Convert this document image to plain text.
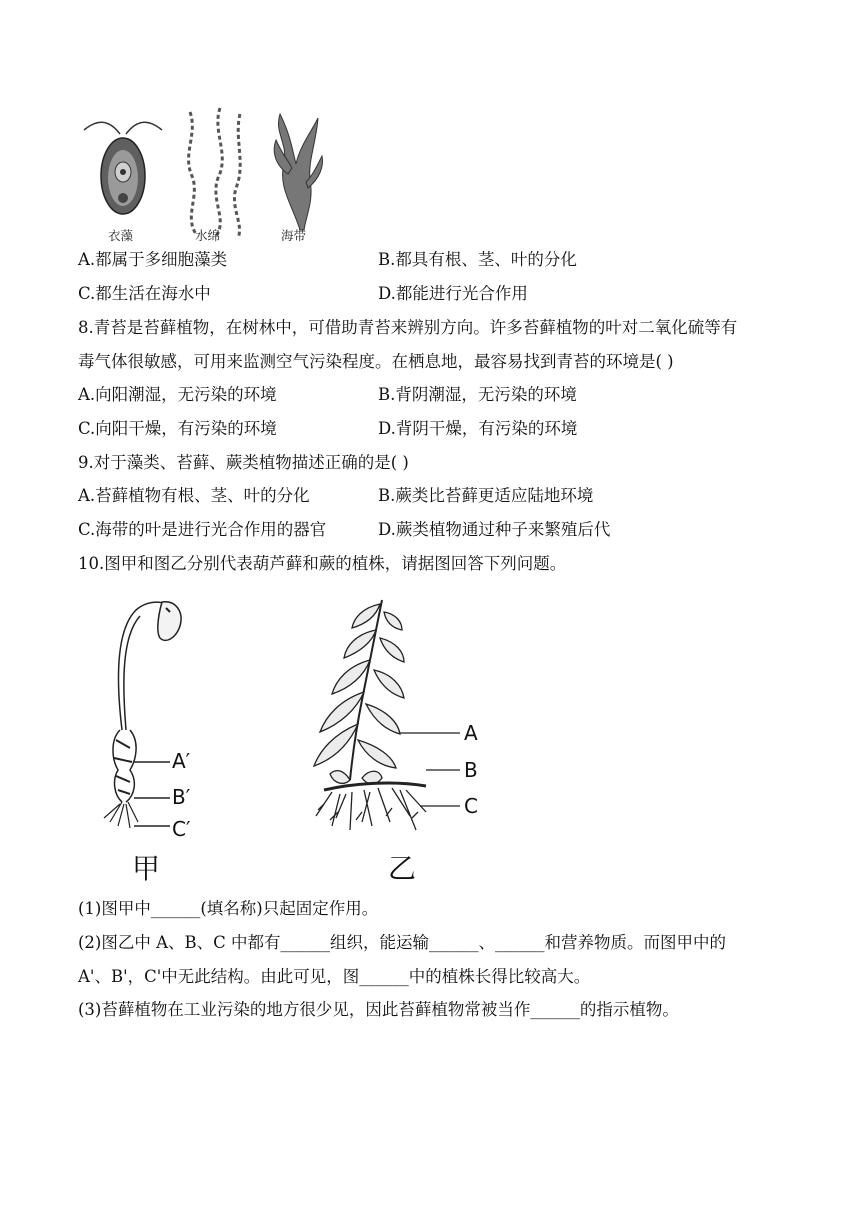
衣藻	水绵	海带
A.都属于多细胞藻类	B.都具有根、茎、叶的分化
C.都生活在海水中	D.都能进行光合作用
8.青苔是苔藓植物，在树林中，可借助青苔来辨别方向。许多苔藓植物的叶对二氧化硫等有
毒气体很敏感，可用来监测空气污染程度。在栖息地，最容易找到青苔的环境是( )
A.向阳潮湿，无污染的环境	B.背阴潮湿，无污染的环境
C.向阳干燥，有污染的环境	D.背阴干燥，有污染的环境
9.对于藻类、苔藓、蕨类植物描述正确的是( )
A.苔藓植物有根、茎、叶的分化	B.蕨类比苔藓更适应陆地环境
C.海带的叶是进行光合作用的器官	D.蕨类植物通过种子来繁殖后代
10.图甲和图乙分别代表葫芦藓和蕨的植株，请据图回答下列问题。
A′
B′
C′
甲
A
B
C
乙
(1)图甲中______(填名称)只起固定作用。
(2)图乙中 A、B、C 中都有______组织，能运输______、______和营养物质。而图甲中的
A'、B'，C'中无此结构。由此可见，图______中的植株长得比较高大。
(3)苔藓植物在工业污染的地方很少见，因此苔藓植物常被当作______的指示植物。
